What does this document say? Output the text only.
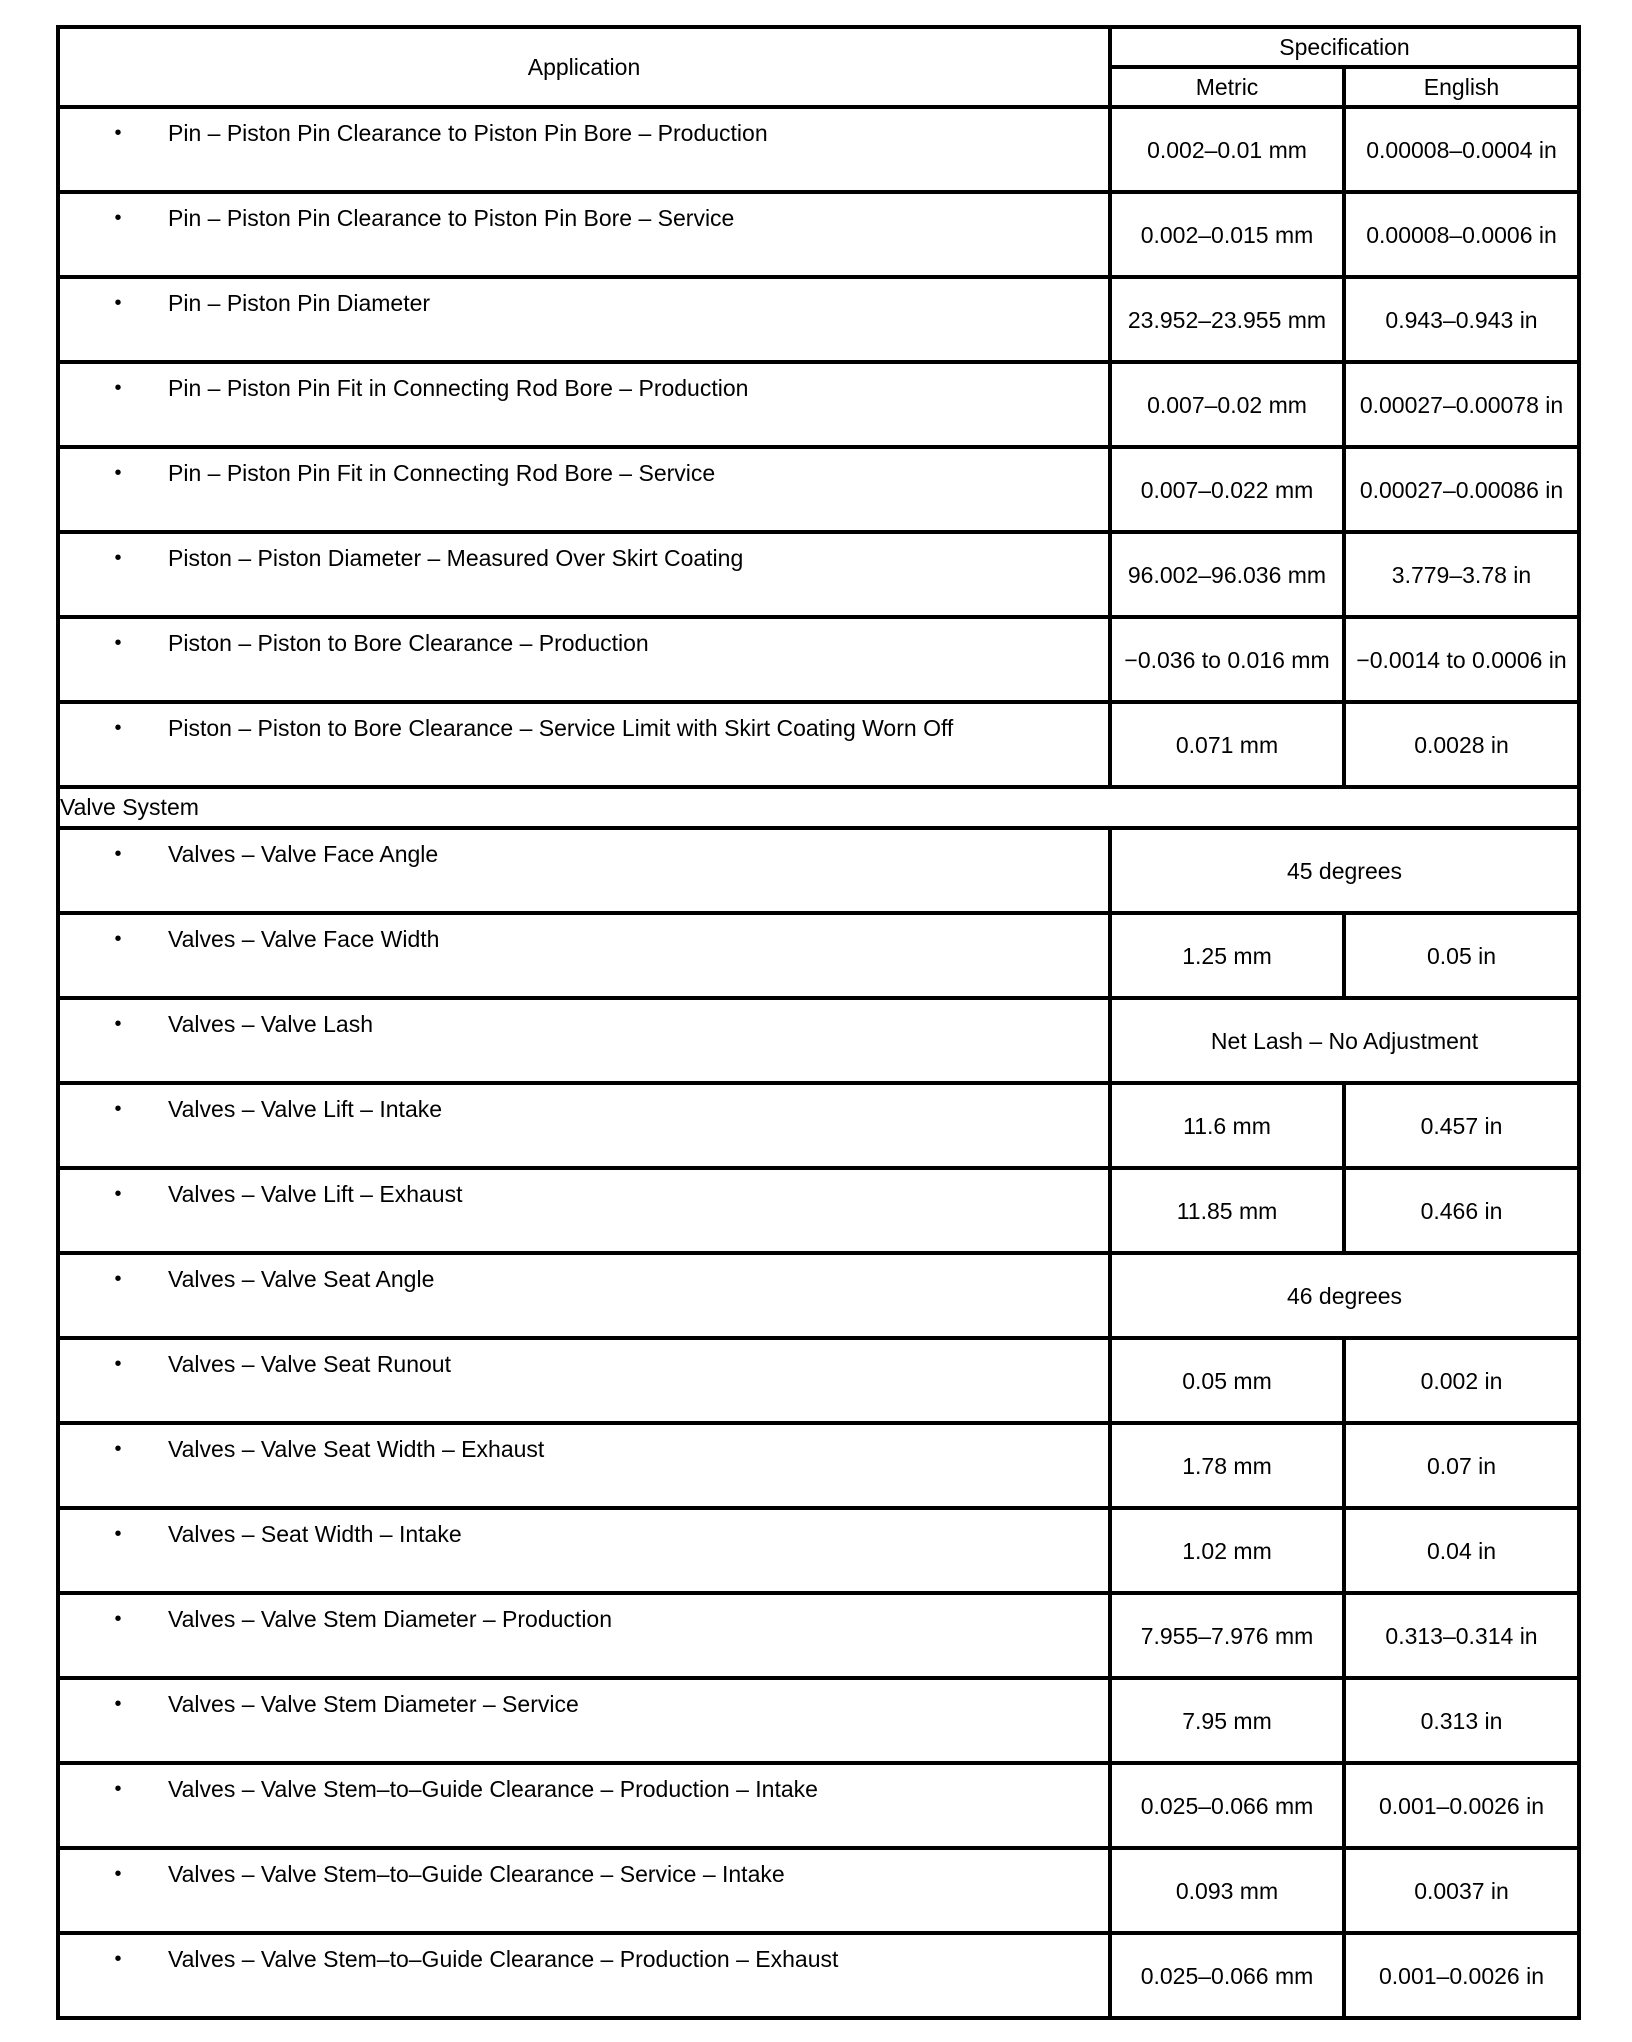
Application	Specification	
	Metric	English

• Pin – Piston Pin Clearance to Piston Pin Bore – Production	0.002–0.01 mm	0.00008–0.0004 in

• Pin – Piston Pin Clearance to Piston Pin Bore – Service	0.002–0.015 mm	0.00008–0.0006 in

• Pin – Piston Pin Diameter	23.952–23.955 mm	0.943–0.943 in

• Pin – Piston Pin Fit in Connecting Rod Bore – Production	0.007–0.02 mm	0.00027–0.00078 in

• Pin – Piston Pin Fit in Connecting Rod Bore – Service	0.007–0.022 mm	0.00027–0.00086 in

• Piston – Piston Diameter – Measured Over Skirt Coating	96.002–96.036 mm	3.779–3.78 in

• Piston – Piston to Bore Clearance – Production	−0.036 to 0.016 mm	−0.0014 to 0.0006 in

• Piston – Piston to Bore Clearance – Service Limit with Skirt Coating Worn Off	0.071 mm	0.0028 in
Valve System		

• Valves – Valve Face Angle	45 degrees	

• Valves – Valve Face Width	1.25 mm	0.05 in

• Valves – Valve Lash	Net Lash – No Adjustment	

• Valves – Valve Lift – Intake	11.6 mm	0.457 in

• Valves – Valve Lift – Exhaust	11.85 mm	0.466 in

• Valves – Valve Seat Angle	46 degrees	

• Valves – Valve Seat Runout	0.05 mm	0.002 in

• Valves – Valve Seat Width – Exhaust	1.78 mm	0.07 in

• Valves – Seat Width – Intake	1.02 mm	0.04 in

• Valves – Valve Stem Diameter – Production	7.955–7.976 mm	0.313–0.314 in

• Valves – Valve Stem Diameter – Service	7.95 mm	0.313 in

• Valves – Valve Stem–to–Guide Clearance – Production – Intake	0.025–0.066 mm	0.001–0.0026 in

• Valves – Valve Stem–to–Guide Clearance – Service – Intake	0.093 mm	0.0037 in

• Valves – Valve Stem–to–Guide Clearance – Production – Exhaust	0.025–0.066 mm	0.001–0.0026 in
